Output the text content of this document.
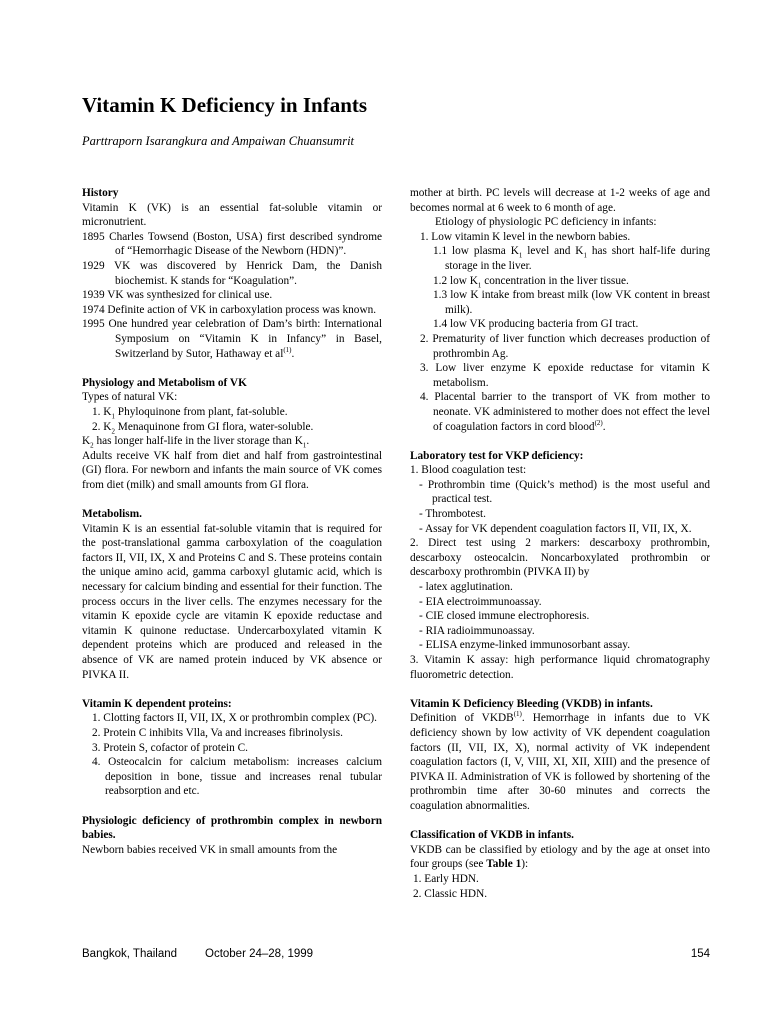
Vitamin K Deficiency in Infants

Parttraporn Isarangkura and Ampaiwan Chuansumrit

History

Vitamin K (VK) is an essential fat-soluble vitamin or micronutrient.

1895 Charles Towsend (Boston, USA) first described syndrome of “Hemorrhagic Disease of the Newborn (HDN)”.

1929 VK was discovered by Henrick Dam, the Danish biochemist. K stands for “Koagulation”.

1939 VK was synthesized for clinical use.

1974 Definite action of VK in carboxylation process was known.

1995 One hundred year celebration of Dam’s birth: International Symposium on “Vitamin K in Infancy” in Basel, Switzerland by Sutor, Hathaway et $al^{(1)}$.

Physiology and Metabolism of VK

Types of natural VK:

1. $K_1$ Phyloquinone from plant, fat-soluble.

2. $K_2$ Menaquinone from GI flora, water-soluble.

$K_2$ has longer half-life in the liver storage than $K_1$.

Adults receive VK half from diet and half from gastrointestinal (GI) flora. For newborn and infants the main source of VK comes from diet (milk) and small amounts from GI flora.

Metabolism.

Vitamin K is an essential fat-soluble vitamin that is required for the post-translational gamma carboxylation of the coagulation factors II, VII, IX, X and Proteins C and S. These proteins contain the unique amino acid, gamma carboxyl glutamic acid, which is necessary for calcium binding and essential for their function. The process occurs in the liver cells. The enzymes necessary for the vitamin K epoxide cycle are vitamin K epoxide reductase and vitamin K quinone reductase. Undercarboxylated vitamin K dependent proteins which are produced and released in the absence of VK are named protein induced by VK absence or PIVKA II.

Vitamin K dependent proteins:

1. Clotting factors II, VII, IX, X or prothrombin complex (PC).

2. Protein C inhibits Vlla, Va and increases fibrinolysis.

3. Protein S, cofactor of protein C.

4. Osteocalcin for calcium metabolism: increases calcium deposition in bone, tissue and increases renal tubular reabsorption and etc.

Physiologic deficiency of prothrombin complex in newborn babies.

Newborn babies received VK in small amounts from the

mother at birth. PC levels will decrease at 1-2 weeks of age and becomes normal at 6 week to 6 month of age.

Etiology of physiologic PC deficiency in infants:

1. Low vitamin K level in the newborn babies.

1.1 low plasma $K_1$ level and $K_1$ has short half-life during storage in the liver.

1.2 low $K_1$ concentration in the liver tissue.

1.3 low K intake from breast milk (low VK content in breast milk).

1.4 low VK producing bacteria from GI tract.

2. Prematurity of liver function which decreases production of prothrombin Ag.

3. Low liver enzyme K epoxide reductase for vitamin K metabolism.

4. Placental barrier to the transport of VK from mother to neonate. VK administered to mother does not effect the level of coagulation factors in cord blood$^{(2)}$.

Laboratory test for VKP deficiency:

1. Blood coagulation test:

- Prothrombin time (Quick’s method) is the most useful and practical test.

- Thrombotest.

- Assay for VK dependent coagulation factors II, VII, IX, X.

2. Direct test using 2 markers: descarboxy prothrombin, descarboxy osteocalcin. Noncarboxylated prothrombin or descarboxy prothrombin (PIVKA II) by

- latex agglutination.

- EIA electroimmunoassay.

- CIE closed immune electrophoresis.

- RIA radioimmunoassay.

- ELISA enzyme-linked immunosorbant assay.

3. Vitamin K assay: high performance liquid chromatography fluorometric detection.

Vitamin K Deficiency Bleeding (VKDB) in infants.

Definition of VKDB$^{(1)}$. Hemorrhage in infants due to VK deficiency shown by low activity of VK dependent coagulation factors (II, VII, IX, X), normal activity of VK independent coagulation factors (I, V, VIII, XI, XII, XIII) and the presence of PIVKA II. Administration of VK is followed by shortening of the prothrombin time after 30-60 minutes and corrects the coagulation abnormalities.

Classification of VKDB in infants.

VKDB can be classified by etiology and by the age at onset into four groups (see Table 1):

1. Early HDN.

2. Classic HDN.

Bangkok, Thailand October 24–28, 1999	154
